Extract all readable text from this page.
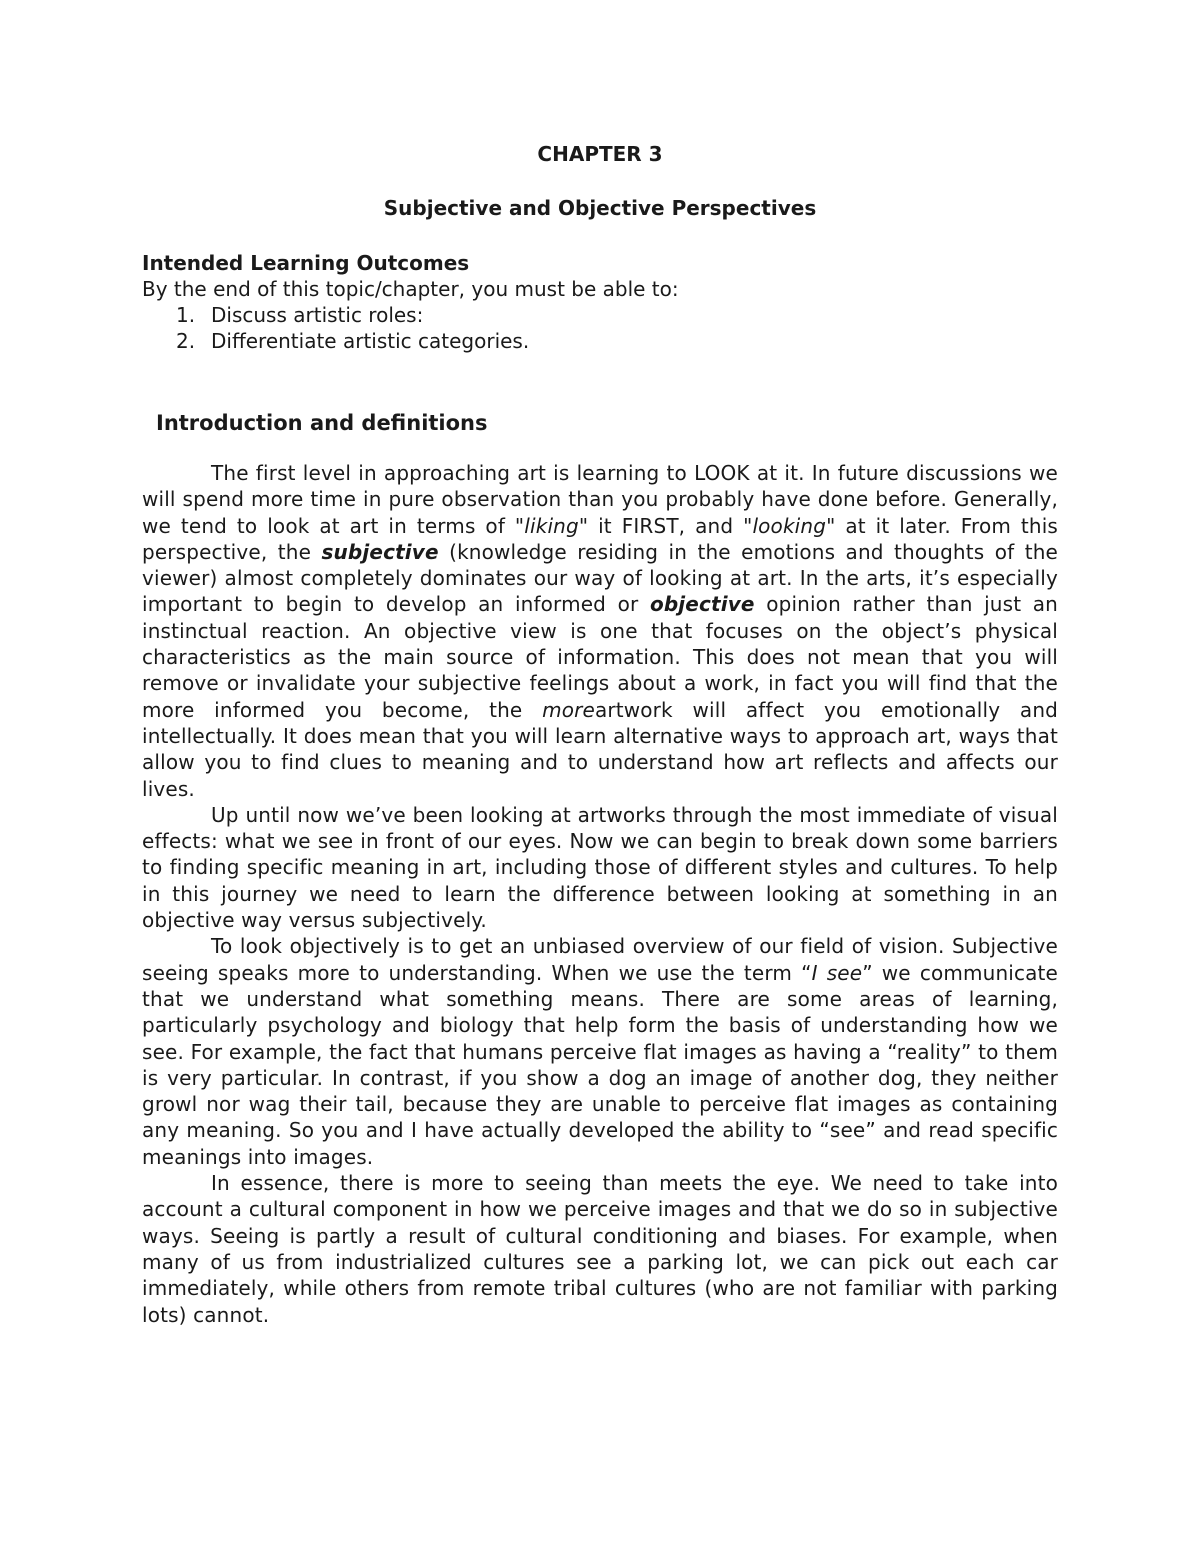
CHAPTER 3
Subjective and Objective Perspectives
Intended Learning Outcomes

By the end of this topic/chapter, you must be able to:

1. Discuss artistic roles:
2. Differentiate artistic categories.
Introduction and definitions

The first level in approaching art is learning to LOOK at it. In future discussions we will spend more time in pure observation than you probably have done before. Generally, we tend to look at art in terms of "liking" it FIRST, and "looking" at it later. From this perspective, the subjective (knowledge residing in the emotions and thoughts of the viewer) almost completely dominates our way of looking at art. In the arts, it’s especially important to begin to develop an informed or objective opinion rather than just an instinctual reaction. An objective view is one that focuses on the object’s physical characteristics as the main source of information. This does not mean that you will remove or invalidate your subjective feelings about a work, in fact you will find that the more informed you become, the moreartwork will affect you emotionally and intellectually. It does mean that you will learn alternative ways to approach art, ways that allow you to find clues to meaning and to understand how art reflects and affects our lives.

Up until now we’ve been looking at artworks through the most immediate of visual effects: what we see in front of our eyes. Now we can begin to break down some barriers to finding specific meaning in art, including those of different styles and cultures. To help in this journey we need to learn the difference between looking at something in an objective way versus subjectively.

To look objectively is to get an unbiased overview of our field of vision. Subjective seeing speaks more to understanding. When we use the term “I see” we communicate that we understand what something means. There are some areas of learning, particularly psychology and biology that help form the basis of understanding how we see. For example, the fact that humans perceive flat images as having a “reality” to them is very particular. In contrast, if you show a dog an image of another dog, they neither growl nor wag their tail, because they are unable to perceive flat images as containing any meaning. So you and I have actually developed the ability to “see” and read specific meanings into images.

In essence, there is more to seeing than meets the eye. We need to take into account a cultural component in how we perceive images and that we do so in subjective ways. Seeing is partly a result of cultural conditioning and biases. For example, when many of us from industrialized cultures see a parking lot, we can pick out each car immediately, while others from remote tribal cultures (who are not familiar with parking lots) cannot.
